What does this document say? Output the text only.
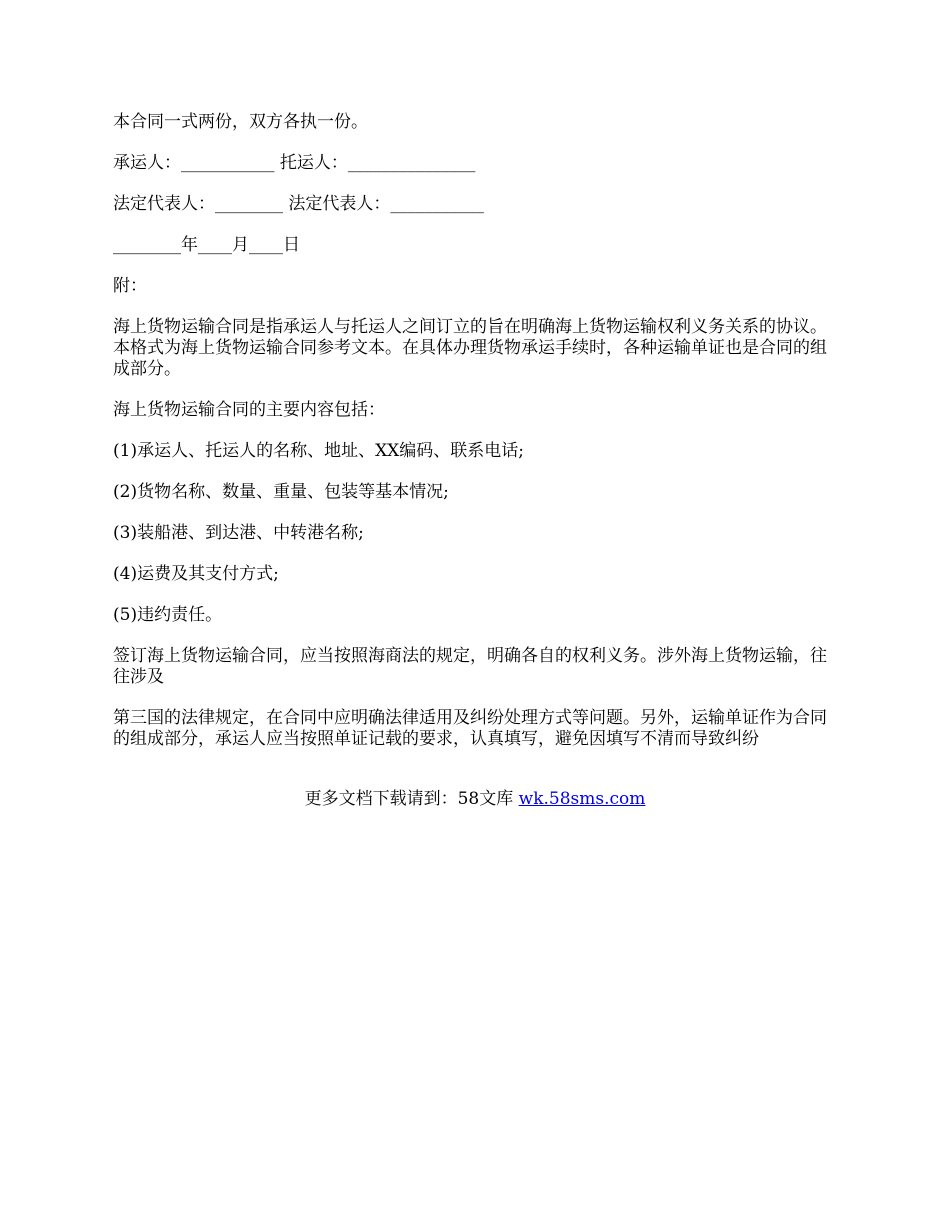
本合同一式两份，双方各执一份。

承运人：___________ 托运人：_______________

法定代表人：________ 法定代表人：___________

________年____月____日

附：

海上货物运输合同是指承运人与托运人之间订立的旨在明确海上货物运输权利义务关系的协议。本格式为海上货物运输合同参考文本。在具体办理货物承运手续时，各种运输单证也是合同的组成部分。

海上货物运输合同的主要内容包括：

(1)承运人、托运人的名称、地址、XX编码、联系电话;

(2)货物名称、数量、重量、包装等基本情况;

(3)装船港、到达港、中转港名称;

(4)运费及其支付方式;

(5)违约责任。

签订海上货物运输合同，应当按照海商法的规定，明确各自的权利义务。涉外海上货物运输，往往涉及

第三国的法律规定，在合同中应明确法律适用及纠纷处理方式等问题。另外，运输单证作为合同的组成部分，承运人应当按照单证记载的要求，认真填写，避免因填写不清而导致纠纷

更多文档下载请到：58文库 wk.58sms.com
